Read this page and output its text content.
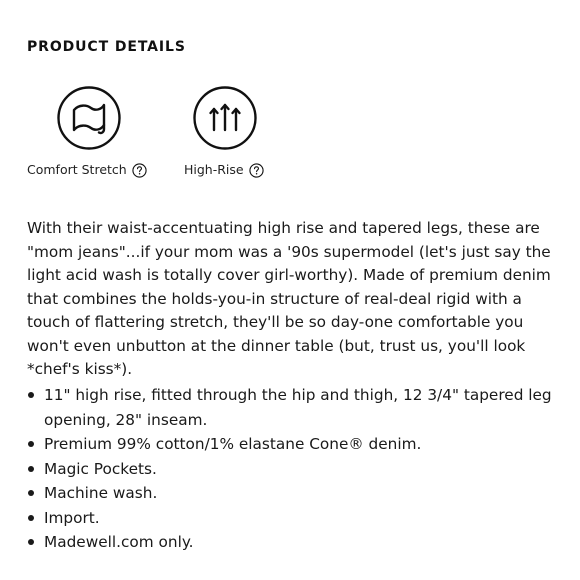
PRODUCT DETAILS
Comfort Stretch	High-Rise

With their waist-accentuating high rise and tapered legs, these are "mom jeans"...if your mom was a '90s supermodel (let's just say the light acid wash is totally cover girl-worthy). Made of premium denim that combines the holds-you-in structure of real-deal rigid with a touch of flattering stretch, they'll be so day-one comfortable you won't even unbutton at the dinner table (but, trust us, you'll look *chef's kiss*).

11" high rise, fitted through the hip and thigh, 12 3/4" tapered leg opening, 28" inseam.
Premium 99% cotton/1% elastane Cone® denim.
Magic Pockets.
Machine wash.
Import.
Madewell.com only.
